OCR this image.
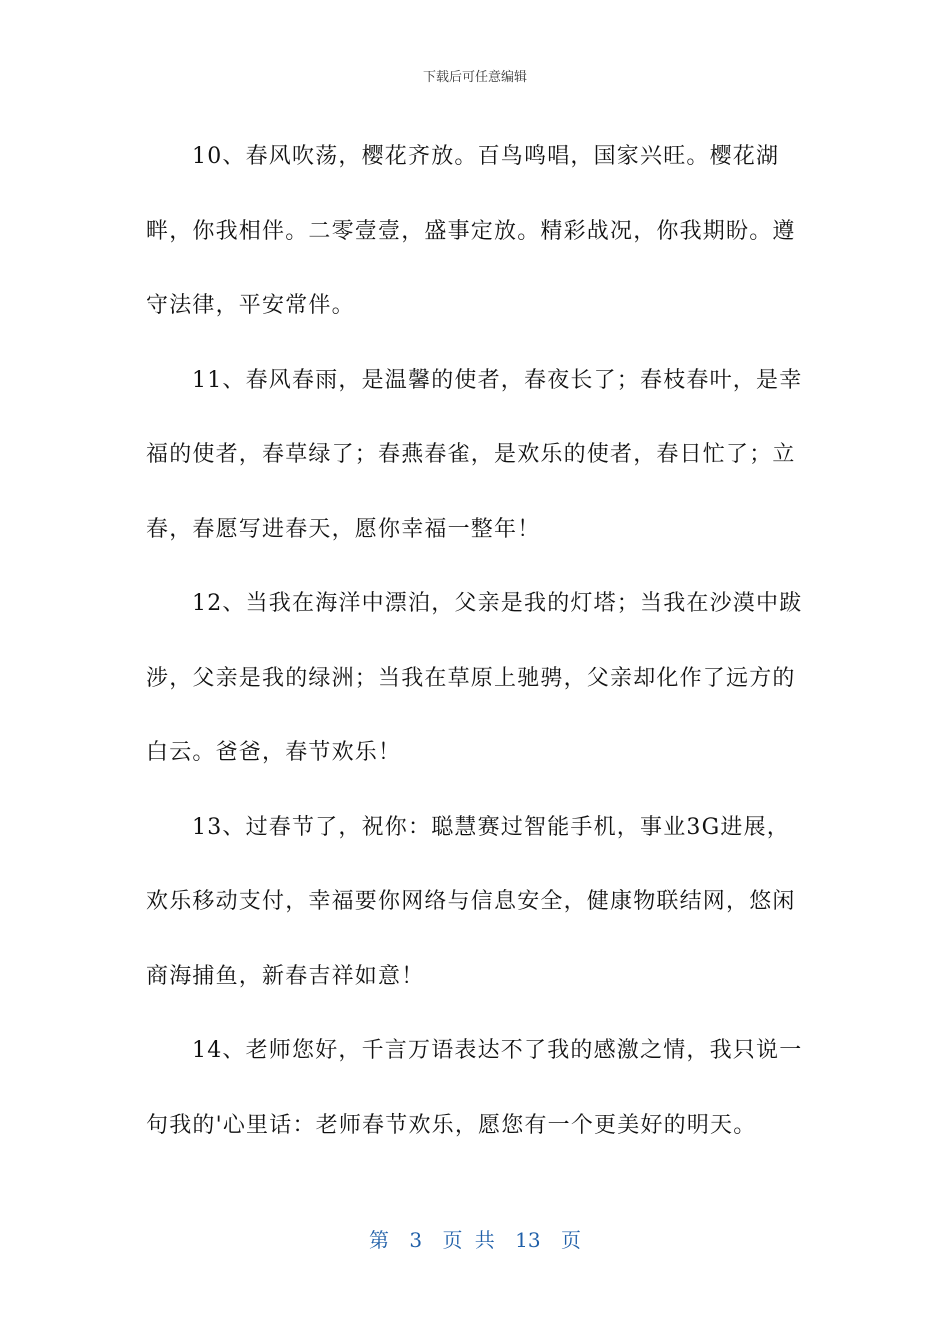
下载后可任意编辑

10、春风吹荡，樱花齐放。百鸟鸣唱，国家兴旺。樱花湖畔，你我相伴。二零壹壹，盛事定放。精彩战况，你我期盼。遵守法律，平安常伴。

11、春风春雨，是温馨的使者，春夜长了；春枝春叶，是幸福的使者，春草绿了；春燕春雀，是欢乐的使者，春日忙了；立春，春愿写进春天，愿你幸福一整年！

12、当我在海洋中漂泊，父亲是我的灯塔；当我在沙漠中跋涉，父亲是我的绿洲；当我在草原上驰骋，父亲却化作了远方的白云。爸爸，春节欢乐！

13、过春节了，祝你：聪慧赛过智能手机，事业3G进展，欢乐移动支付，幸福要你网络与信息安全，健康物联结网，悠闲商海捕鱼，新春吉祥如意！

14、老师您好，千言万语表达不了我的感激之情，我只说一句我的'心里话：老师春节欢乐，愿您有一个更美好的明天。

第 3 页 共 13 页
